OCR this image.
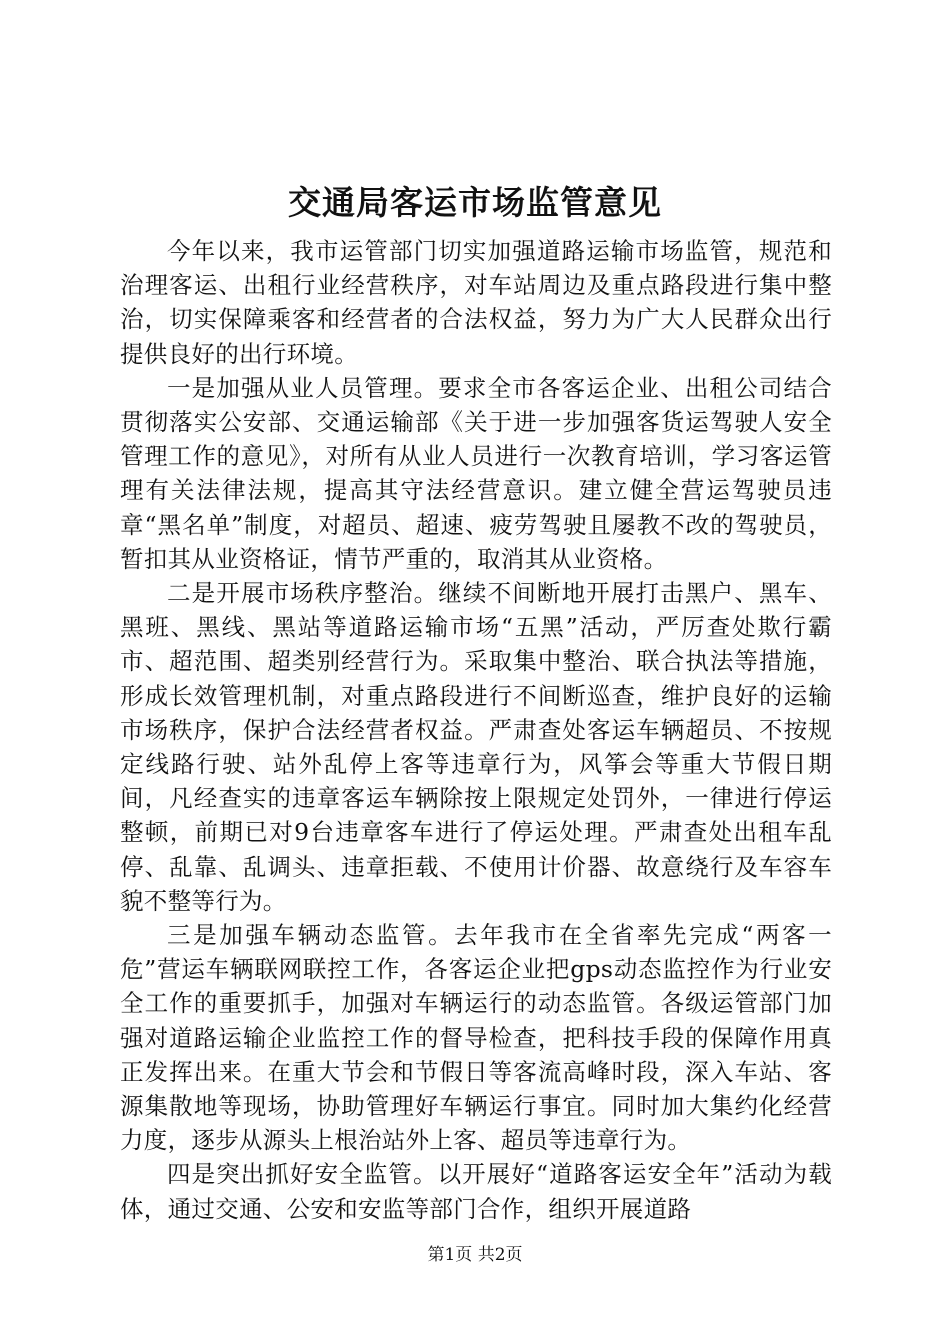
交通局客运市场监管意见

今年以来，我市运管部门切实加强道路运输市场监管，规范和治理客运、出租行业经营秩序，对车站周边及重点路段进行集中整治，切实保障乘客和经营者的合法权益，努力为广大人民群众出行提供良好的出行环境。

一是加强从业人员管理。要求全市各客运企业、出租公司结合贯彻落实公安部、交通运输部《关于进一步加强客货运驾驶人安全管理工作的意见》，对所有从业人员进行一次教育培训，学习客运管理有关法律法规，提高其守法经营意识。建立健全营运驾驶员违章“黑名单”制度，对超员、超速、疲劳驾驶且屡教不改的驾驶员，暂扣其从业资格证，情节严重的，取消其从业资格。

二是开展市场秩序整治。继续不间断地开展打击黑户、黑车、黑班、黑线、黑站等道路运输市场“五黑”活动，严厉查处欺行霸市、超范围、超类别经营行为。采取集中整治、联合执法等措施，形成长效管理机制，对重点路段进行不间断巡查，维护良好的运输市场秩序，保护合法经营者权益。严肃查处客运车辆超员、不按规定线路行驶、站外乱停上客等违章行为，风筝会等重大节假日期间，凡经查实的违章客运车辆除按上限规定处罚外，一律进行停运整顿，前期已对9台违章客车进行了停运处理。严肃查处出租车乱停、乱靠、乱调头、违章拒载、不使用计价器、故意绕行及车容车貌不整等行为。

三是加强车辆动态监管。去年我市在全省率先完成“两客一危”营运车辆联网联控工作，各客运企业把gps动态监控作为行业安全工作的重要抓手，加强对车辆运行的动态监管。各级运管部门加强对道路运输企业监控工作的督导检查，把科技手段的保障作用真正发挥出来。在重大节会和节假日等客流高峰时段，深入车站、客源集散地等现场，协助管理好车辆运行事宜。同时加大集约化经营力度，逐步从源头上根治站外上客、超员等违章行为。

四是突出抓好安全监管。以开展好“道路客运安全年”活动为载体，通过交通、公安和安监等部门合作，组织开展道路

第1页 共2页
